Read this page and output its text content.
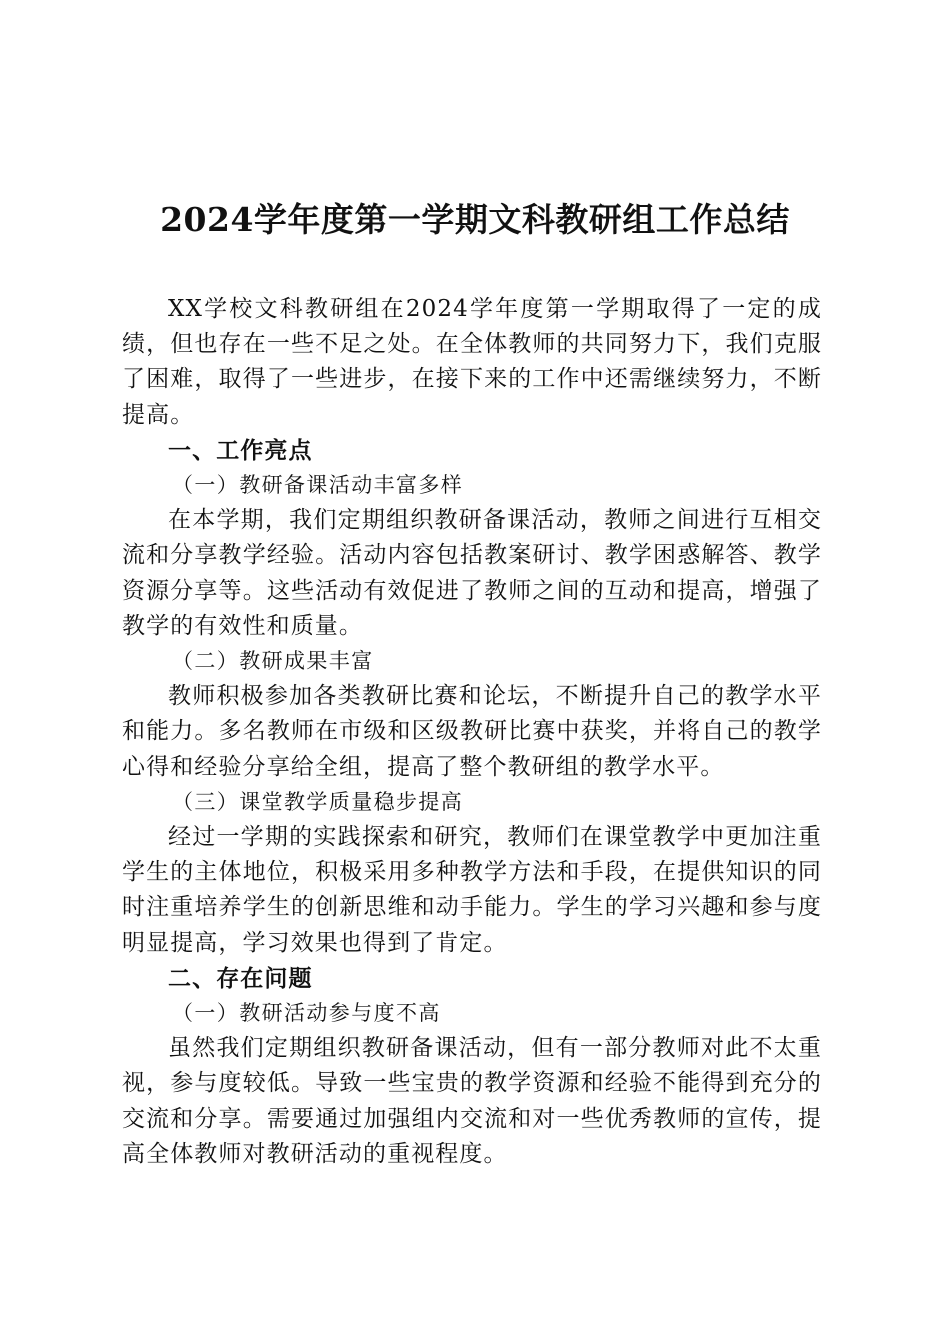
2024学年度第一学期文科教研组工作总结

XX学校文科教研组在2024学年度第一学期取得了一定的成绩，但也存在一些不足之处。在全体教师的共同努力下，我们克服了困难，取得了一些进步，在接下来的工作中还需继续努力，不断提高。

一、工作亮点

（一）教研备课活动丰富多样

在本学期，我们定期组织教研备课活动，教师之间进行互相交流和分享教学经验。活动内容包括教案研讨、教学困惑解答、教学资源分享等。这些活动有效促进了教师之间的互动和提高，增强了教学的有效性和质量。

（二）教研成果丰富

教师积极参加各类教研比赛和论坛，不断提升自己的教学水平和能力。多名教师在市级和区级教研比赛中获奖，并将自己的教学心得和经验分享给全组，提高了整个教研组的教学水平。

（三）课堂教学质量稳步提高

经过一学期的实践探索和研究，教师们在课堂教学中更加注重学生的主体地位，积极采用多种教学方法和手段，在提供知识的同时注重培养学生的创新思维和动手能力。学生的学习兴趣和参与度明显提高，学习效果也得到了肯定。

二、存在问题

（一）教研活动参与度不高

虽然我们定期组织教研备课活动，但有一部分教师对此不太重视，参与度较低。导致一些宝贵的教学资源和经验不能得到充分的交流和分享。需要通过加强组内交流和对一些优秀教师的宣传，提高全体教师对教研活动的重视程度。
